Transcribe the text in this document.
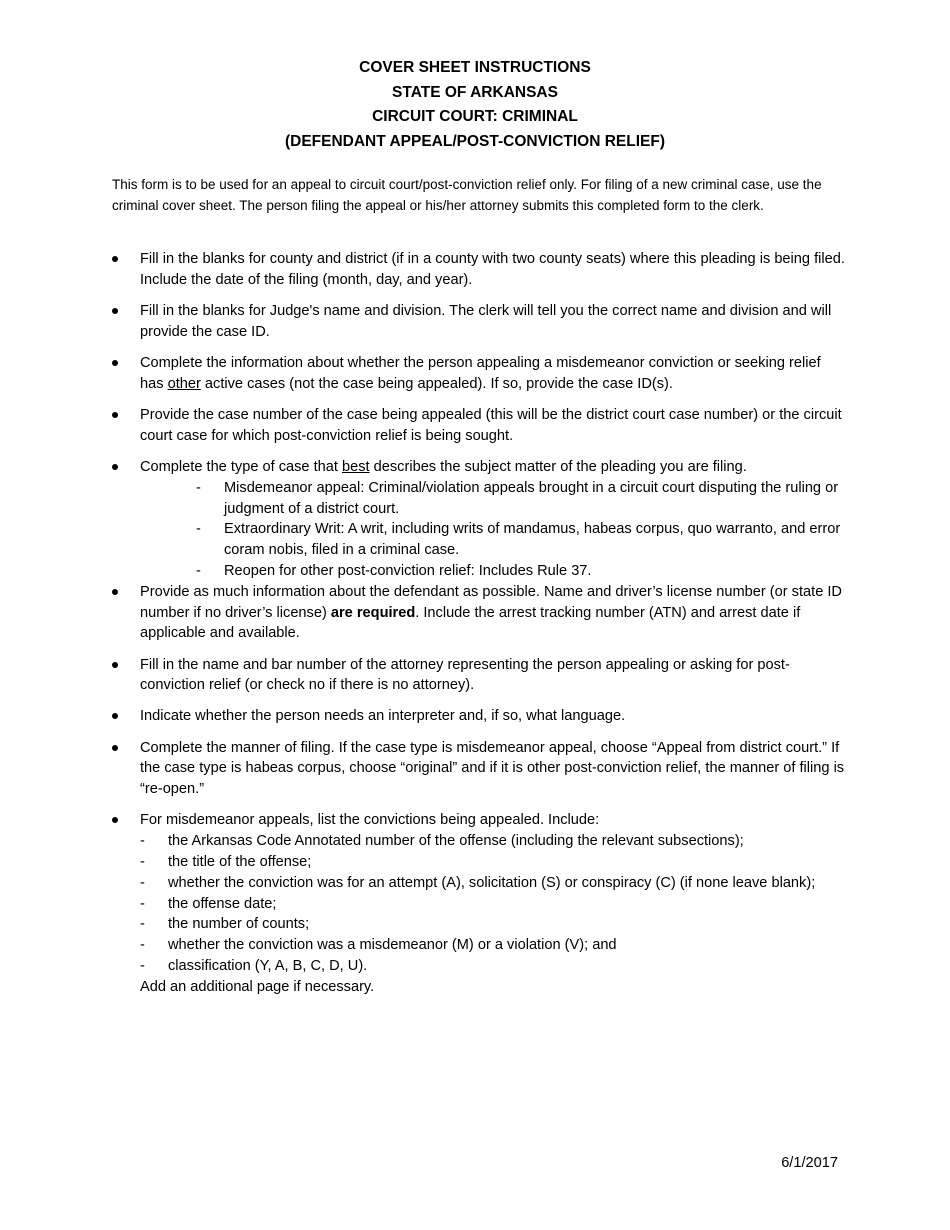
COVER SHEET INSTRUCTIONS
STATE OF ARKANSAS
CIRCUIT COURT: CRIMINAL
(DEFENDANT APPEAL/POST-CONVICTION RELIEF)
This form is to be used for an appeal to circuit court/post-conviction relief only. For filing of a new criminal case, use the criminal cover sheet. The person filing the appeal or his/her attorney submits this completed form to the clerk.
Fill in the blanks for county and district (if in a county with two county seats) where this pleading is being filed. Include the date of the filing (month, day, and year).
Fill in the blanks for Judge's name and division. The clerk will tell you the correct name and division and will provide the case ID.
Complete the information about whether the person appealing a misdemeanor conviction or seeking relief has other active cases (not the case being appealed). If so, provide the case ID(s).
Provide the case number of the case being appealed (this will be the district court case number) or the circuit court case for which post-conviction relief is being sought.
Complete the type of case that best describes the subject matter of the pleading you are filing.
- Misdemeanor appeal: Criminal/violation appeals brought in a circuit court disputing the ruling or judgment of a district court.
- Extraordinary Writ: A writ, including writs of mandamus, habeas corpus, quo warranto, and error coram nobis, filed in a criminal case.
- Reopen for other post-conviction relief: Includes Rule 37.
Provide as much information about the defendant as possible. Name and driver’s license number (or state ID number if no driver’s license) are required. Include the arrest tracking number (ATN) and arrest date if applicable and available.
Fill in the name and bar number of the attorney representing the person appealing or asking for post-conviction relief (or check no if there is no attorney).
Indicate whether the person needs an interpreter and, if so, what language.
Complete the manner of filing. If the case type is misdemeanor appeal, choose “Appeal from district court.” If the case type is habeas corpus, choose “original” and if it is other post-conviction relief, the manner of filing is “re-open.”
For misdemeanor appeals, list the convictions being appealed. Include:
- the Arkansas Code Annotated number of the offense (including the relevant subsections);
- the title of the offense;
- whether the conviction was for an attempt (A), solicitation (S) or conspiracy (C) (if none leave blank);
- the offense date;
- the number of counts;
- whether the conviction was a misdemeanor (M) or a violation (V); and
- classification (Y, A, B, C, D, U).
Add an additional page if necessary.
6/1/2017
